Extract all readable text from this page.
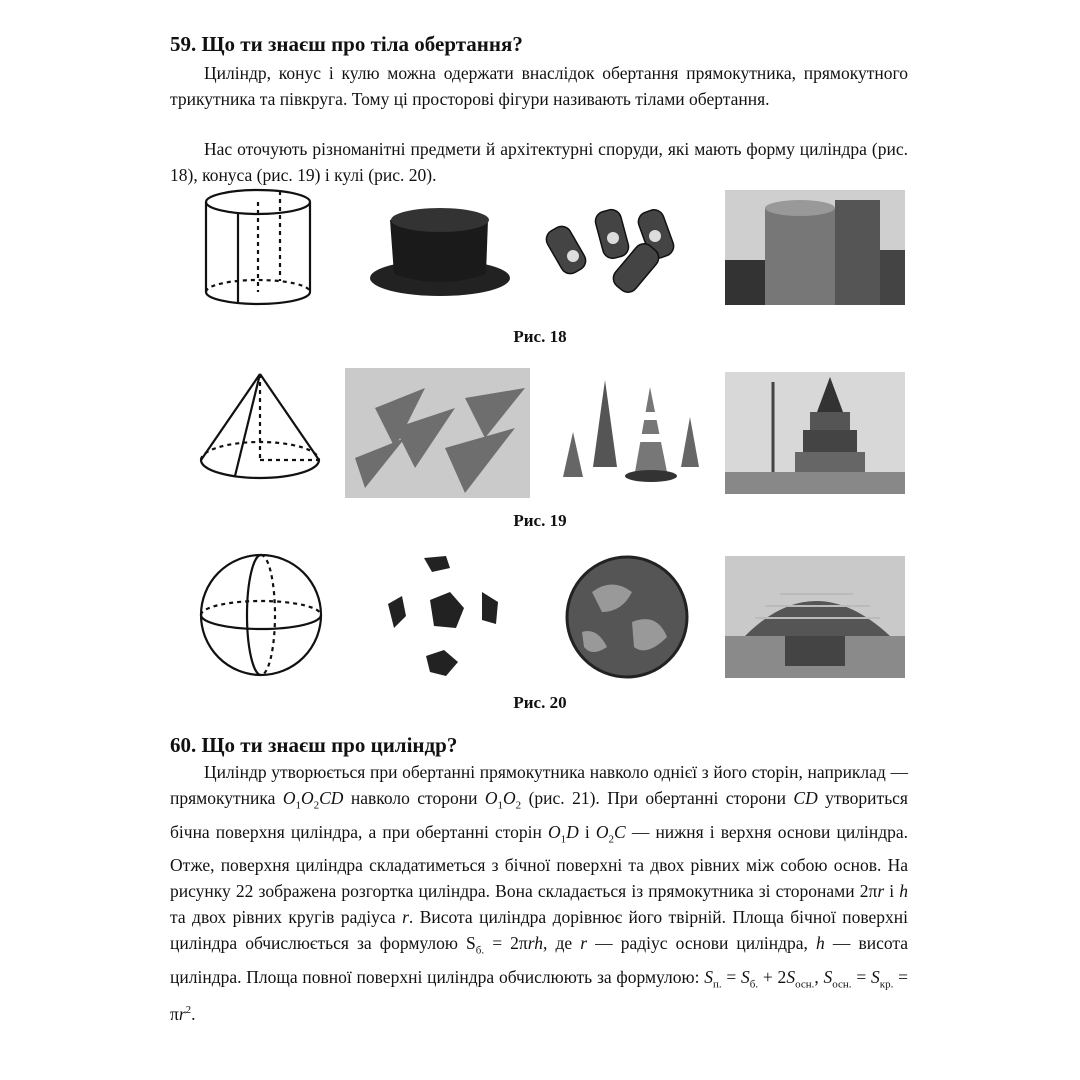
59. Що ти знаєш про тіла обертання?

Циліндр, конус і кулю можна одержати внаслідок обертання прямокутника, прямокутного трикутника та півкруга. Тому ці просторові фігури називають тілами обертання.

Нас оточують різноманітні предмети й архітектурні споруди, які мають форму циліндра (рис. 18), конуса (рис. 19) і кулі (рис. 20).

Рис. 18
Рис. 19
Рис. 20
60. Що ти знаєш про циліндр?

Циліндр утворюється при обертанні прямокутника навколо однієї з його сторін, наприклад — прямокутника $O_1O_2CD$ навколо сторони $O_1O_2$ (рис. 21). При обертанні сторони CD утвориться бічна поверхня циліндра, а при обертанні сторін $O_1D$ і $O_2C$ — нижня і верхня основи циліндра. Отже, поверхня циліндра складатиметься з бічної поверхні та двох рівних між собою основ. На рисунку 22 зображена розгортка циліндра. Вона складається із прямокутника зі сторонами 2πr і h та двох рівних кругів радіуса r. Висота циліндра дорівнює його твірній. Площа бічної поверхні циліндра обчислюється за формулою $S_{б.} = 2\pi rh$, де r — радіус основи циліндра, h — висота циліндра. Площа повної поверхні циліндра обчислюють за формулою: $S_{п.} = S_{б.} + 2S_{осн.}$, $S_{осн.} = S_{кр.} = \pi r^2$.
